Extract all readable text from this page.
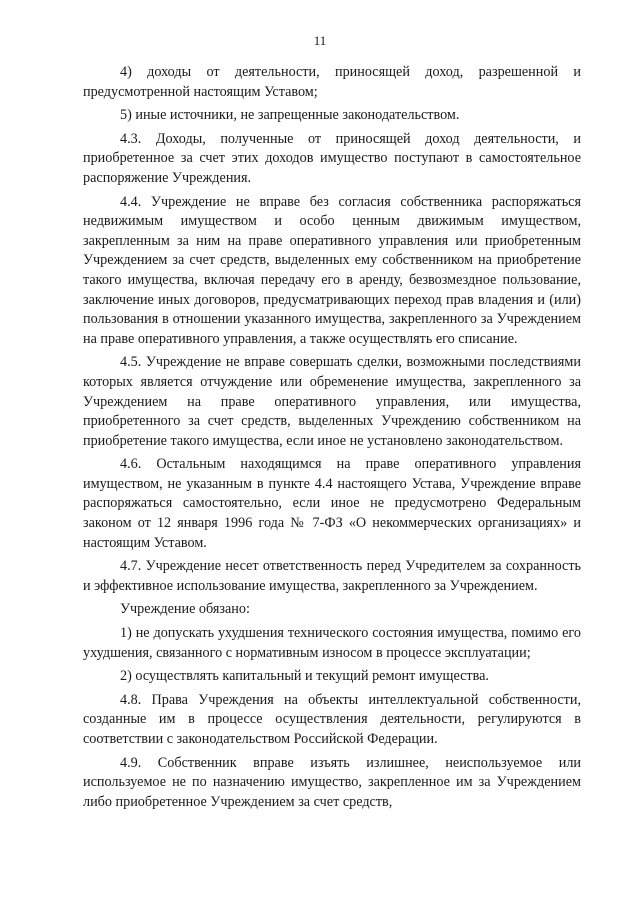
11

4) доходы от деятельности, приносящей доход, разрешенной и предусмотренной настоящим Уставом;

5) иные источники, не запрещенные законодательством.

4.3. Доходы, полученные от приносящей доход деятельности, и приобретенное за счет этих доходов имущество поступают в самостоятельное распоряжение Учреждения.

4.4. Учреждение не вправе без согласия собственника распоряжаться недвижимым имуществом и особо ценным движимым имуществом, закрепленным за ним на праве оперативного управления или приобретенным Учреждением за счет средств, выделенных ему собственником на приобретение такого имущества, включая передачу его в аренду, безвозмездное пользование, заключение иных договоров, предусматривающих переход прав владения и (или) пользования в отношении указанного имущества, закрепленного за Учреждением на праве оперативного управления, а также осуществлять его списание.

4.5. Учреждение не вправе совершать сделки, возможными последствиями которых является отчуждение или обременение имущества, закрепленного за Учреждением на праве оперативного управления, или имущества, приобретенного за счет средств, выделенных Учреждению собственником на приобретение такого имущества, если иное не установлено законодательством.

4.6. Остальным находящимся на праве оперативного управления имуществом, не указанным в пункте 4.4 настоящего Устава, Учреждение вправе распоряжаться самостоятельно, если иное не предусмотрено Федеральным законом от 12 января 1996 года № 7-ФЗ «О некоммерческих организациях» и настоящим Уставом.

4.7. Учреждение несет ответственность перед Учредителем за сохранность и эффективное использование имущества, закрепленного за Учреждением.

Учреждение обязано:

1) не допускать ухудшения технического состояния имущества, помимо его ухудшения, связанного с нормативным износом в процессе эксплуатации;

2) осуществлять капитальный и текущий ремонт имущества.

4.8. Права Учреждения на объекты интеллектуальной собственности, созданные им в процессе осуществления деятельности, регулируются в соответствии с законодательством Российской Федерации.

4.9. Собственник вправе изъять излишнее, неиспользуемое или используемое не по назначению имущество, закрепленное им за Учреждением либо приобретенное Учреждением за счет средств,
